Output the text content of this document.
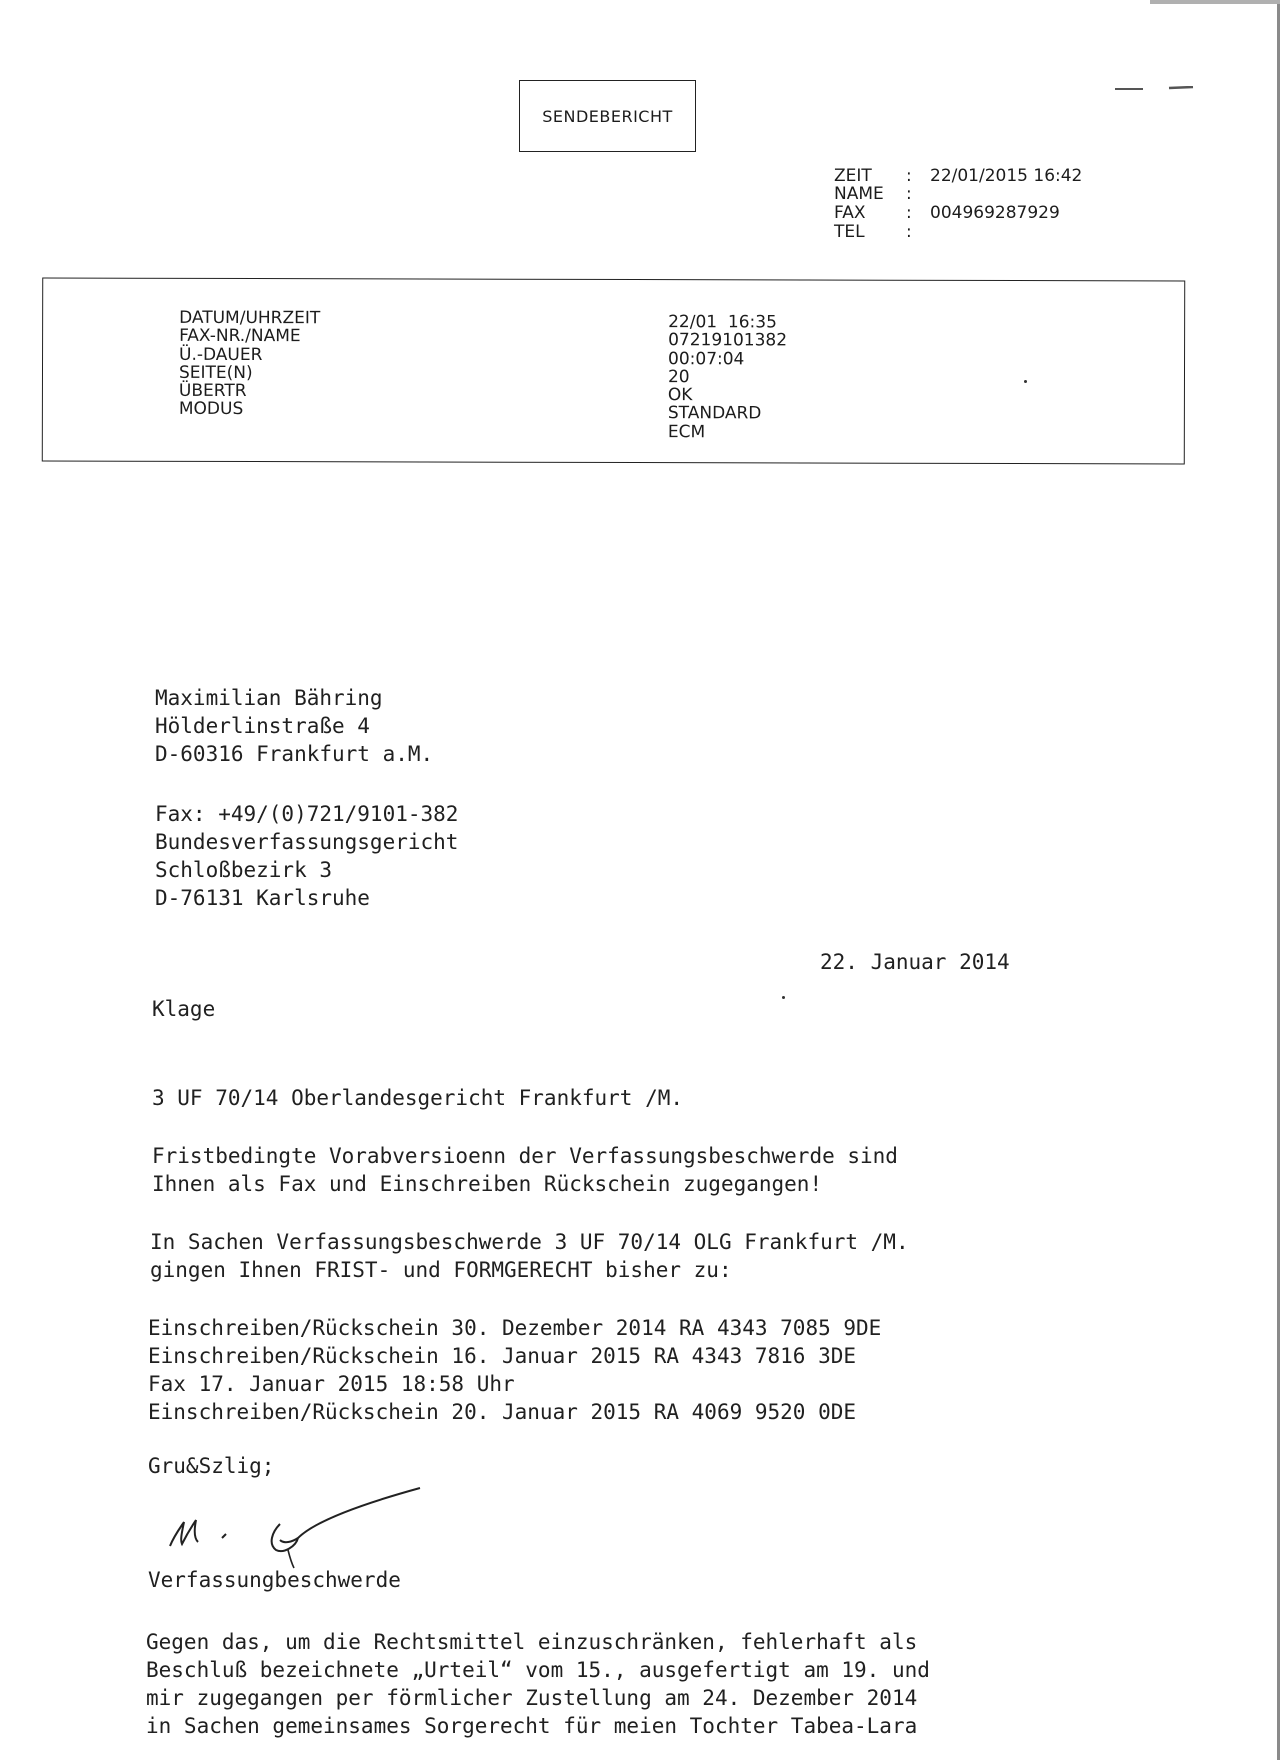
SENDEBERICHT
ZEIT : 22/01/2015 16:42
NAME :
FAX : 004969287929
TEL :
DATUM/UHRZEIT
FAX-NR./NAME
Ü.-DAUER
SEITE(N)
ÜBERTR
MODUS
22/01  16:35
07219101382
00:07:04
20
OK
STANDARD
ECM
Maximilian Bähring
Hölderlinstraße 4
D-60316 Frankfurt a.M.
Fax: +49/(0)721/9101-382
Bundesverfassungsgericht
Schloßbezirk 3
D-76131 Karlsruhe
22. Januar 2014
Klage
3 UF 70/14 Oberlandesgericht Frankfurt /M.
Fristbedingte Vorabversioenn der Verfassungsbeschwerde sind
Ihnen als Fax und Einschreiben Rückschein zugegangen!
In Sachen Verfassungsbeschwerde 3 UF 70/14 OLG Frankfurt /M.
gingen Ihnen FRIST- und FORMGERECHT bisher zu:
Einschreiben/Rückschein 30. Dezember 2014 RA 4343 7085 9DE
Einschreiben/Rückschein 16. Januar 2015 RA 4343 7816 3DE
Fax 17. Januar 2015 18:58 Uhr
Einschreiben/Rückschein 20. Januar 2015 RA 4069 9520 0DE
Gru&Szlig;
Verfassungbeschwerde
Gegen das, um die Rechtsmittel einzuschränken, fehlerhaft als
Beschluß bezeichnete „Urteil“ vom 15., ausgefertigt am 19. und
mir zugegangen per förmlicher Zustellung am 24. Dezember 2014
in Sachen gemeinsames Sorgerecht für meien Tochter Tabea-Lara
